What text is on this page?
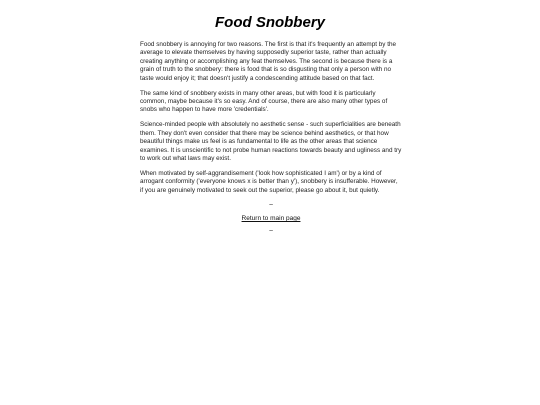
Food Snobbery

Food snobbery is annoying for two reasons. The first is that it's frequently an attempt by the average to elevate themselves by having supposedly superior taste, rather than actually creating anything or accomplishing any feat themselves. The second is because there is a grain of truth to the snobbery: there is food that is so disgusting that only a person with no taste would enjoy it; that doesn't justify a condescending attitude based on that fact.

The same kind of snobbery exists in many other areas, but with food it is particularly common, maybe because it's so easy. And of course, there are also many other types of snobs who happen to have more 'credentials'.

Science-minded people with absolutely no aesthetic sense - such superficialities are beneath them. They don't even consider that there may be science behind aesthetics, or that how beautiful things make us feel is as fundamental to life as the other areas that science examines. It is unscientific to not probe human reactions towards beauty and ugliness and try to work out what laws may exist.

When motivated by self-aggrandisement ('look how sophisticated I am') or by a kind of arrogant conformity ('everyone knows x is better than y'), snobbery is insufferable. However, if you are genuinely motivated to seek out the superior, please go about it, but quietly.

~
Return to main page
~
